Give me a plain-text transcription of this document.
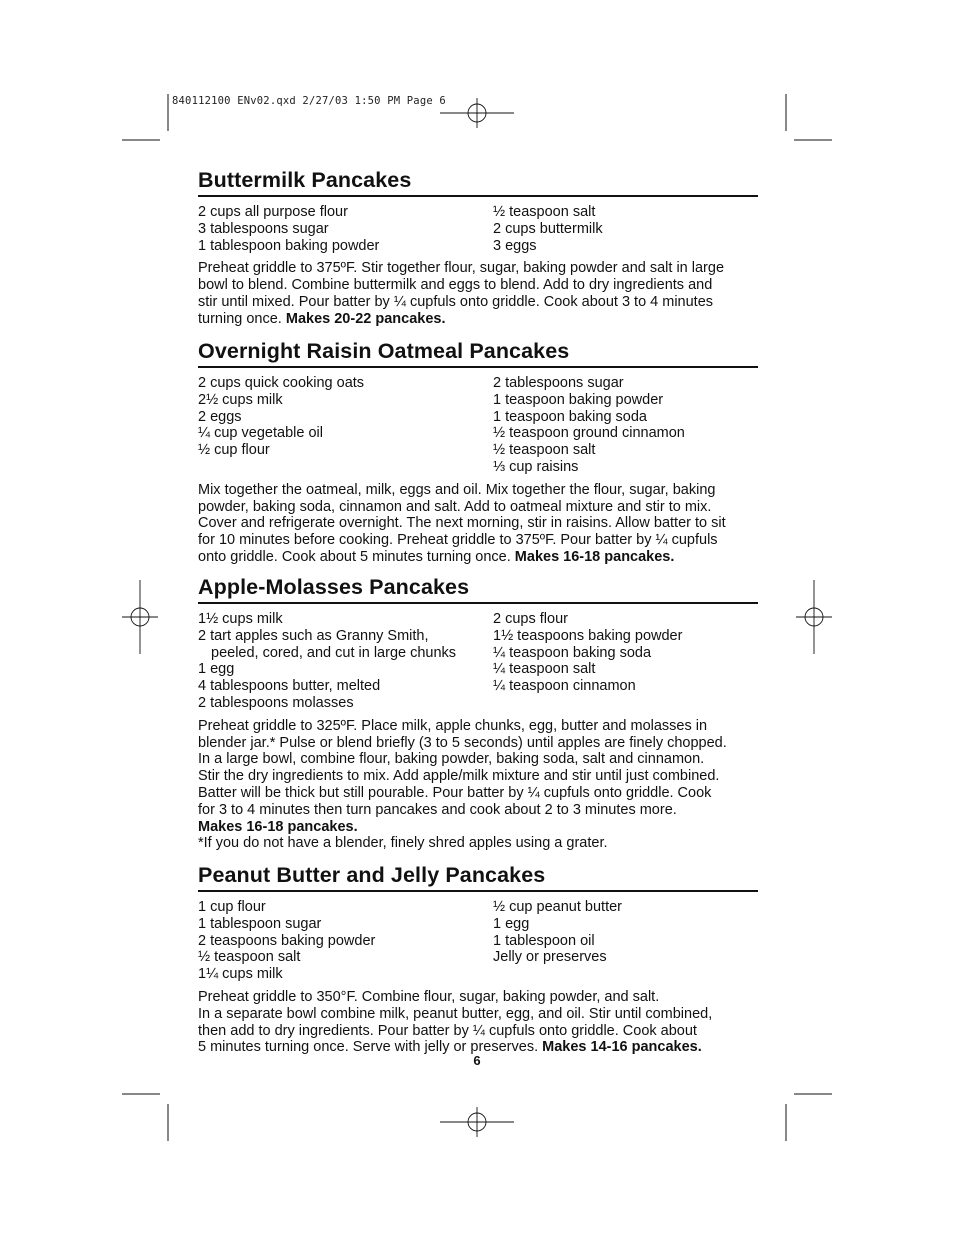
840112100 ENv02.qxd 2/27/03 1:50 PM Page 6
Buttermilk Pancakes
2 cups all purpose flour
3 tablespoons sugar
1 tablespoon baking powder
½ teaspoon salt
2 cups buttermilk
3 eggs
Preheat griddle to 375ºF. Stir together flour, sugar, baking powder and salt in large
bowl to blend. Combine buttermilk and eggs to blend. Add to dry ingredients and
stir until mixed. Pour batter by ¼ cupfuls onto griddle. Cook about 3 to 4 minutes
turning once. Makes 20-22 pancakes.
Overnight Raisin Oatmeal Pancakes
2 cups quick cooking oats
2½ cups milk
2 eggs
¼ cup vegetable oil
½ cup flour
2 tablespoons sugar
1 teaspoon baking powder
1 teaspoon baking soda
½ teaspoon ground cinnamon
½ teaspoon salt
⅓ cup raisins
Mix together the oatmeal, milk, eggs and oil. Mix together the flour, sugar, baking
powder, baking soda, cinnamon and salt. Add to oatmeal mixture and stir to mix.
Cover and refrigerate overnight. The next morning, stir in raisins. Allow batter to sit
for 10 minutes before cooking. Preheat griddle to 375ºF. Pour batter by ¼ cupfuls
onto griddle. Cook about 5 minutes turning once. Makes 16-18 pancakes.
Apple-Molasses Pancakes
1½ cups milk
2 tart apples such as Granny Smith,
peeled, cored, and cut in large chunks
1 egg
4 tablespoons butter, melted
2 tablespoons molasses
2 cups flour
1½ teaspoons baking powder
¼ teaspoon baking soda
¼ teaspoon salt
¼ teaspoon cinnamon
Preheat griddle to 325ºF. Place milk, apple chunks, egg, butter and molasses in
blender jar.* Pulse or blend briefly (3 to 5 seconds) until apples are finely chopped.
In a large bowl, combine flour, baking powder, baking soda, salt and cinnamon.
Stir the dry ingredients to mix. Add apple/milk mixture and stir until just combined.
Batter will be thick but still pourable. Pour batter by ¼ cupfuls onto griddle. Cook
for 3 to 4 minutes then turn pancakes and cook about 2 to 3 minutes more.
Makes 16-18 pancakes.
*If you do not have a blender, finely shred apples using a grater.
Peanut Butter and Jelly Pancakes
1 cup flour
1 tablespoon sugar
2 teaspoons baking powder
½ teaspoon salt
1¼ cups milk
½ cup peanut butter
1 egg
1 tablespoon oil
Jelly or preserves
Preheat griddle to 350°F. Combine flour, sugar, baking powder, and salt.
In a separate bowl combine milk, peanut butter, egg, and oil. Stir until combined,
then add to dry ingredients. Pour batter by ¼ cupfuls onto griddle. Cook about
5 minutes turning once. Serve with jelly or preserves. Makes 14-16 pancakes.
6
